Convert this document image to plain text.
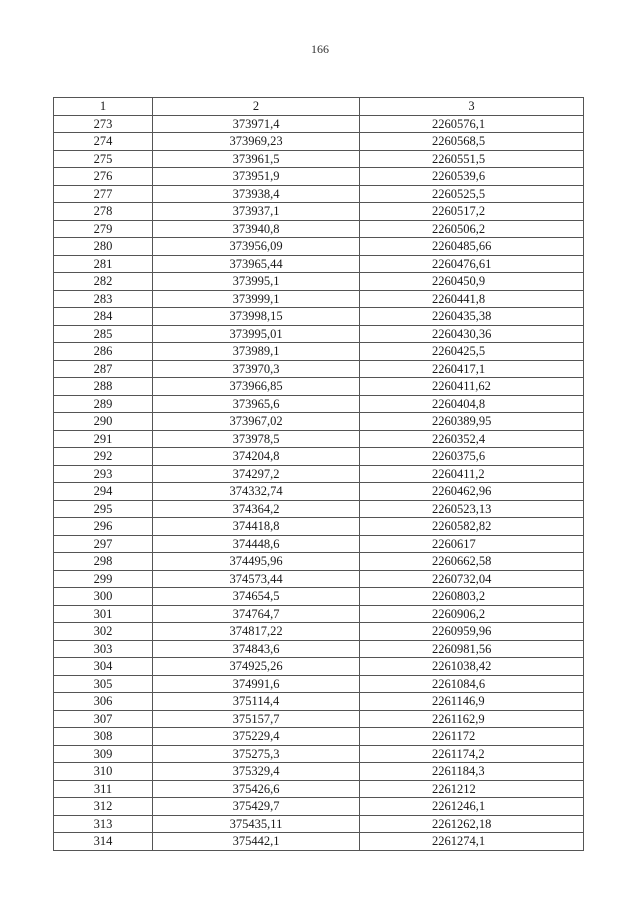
166
1	2	3
273	373971,4	2260576,1
274	373969,23	2260568,5
275	373961,5	2260551,5
276	373951,9	2260539,6
277	373938,4	2260525,5
278	373937,1	2260517,2
279	373940,8	2260506,2
280	373956,09	2260485,66
281	373965,44	2260476,61
282	373995,1	2260450,9
283	373999,1	2260441,8
284	373998,15	2260435,38
285	373995,01	2260430,36
286	373989,1	2260425,5
287	373970,3	2260417,1
288	373966,85	2260411,62
289	373965,6	2260404,8
290	373967,02	2260389,95
291	373978,5	2260352,4
292	374204,8	2260375,6
293	374297,2	2260411,2
294	374332,74	2260462,96
295	374364,2	2260523,13
296	374418,8	2260582,82
297	374448,6	2260617
298	374495,96	2260662,58
299	374573,44	2260732,04
300	374654,5	2260803,2
301	374764,7	2260906,2
302	374817,22	2260959,96
303	374843,6	2260981,56
304	374925,26	2261038,42
305	374991,6	2261084,6
306	375114,4	2261146,9
307	375157,7	2261162,9
308	375229,4	2261172
309	375275,3	2261174,2
310	375329,4	2261184,3
311	375426,6	2261212
312	375429,7	2261246,1
313	375435,11	2261262,18
314	375442,1	2261274,1
